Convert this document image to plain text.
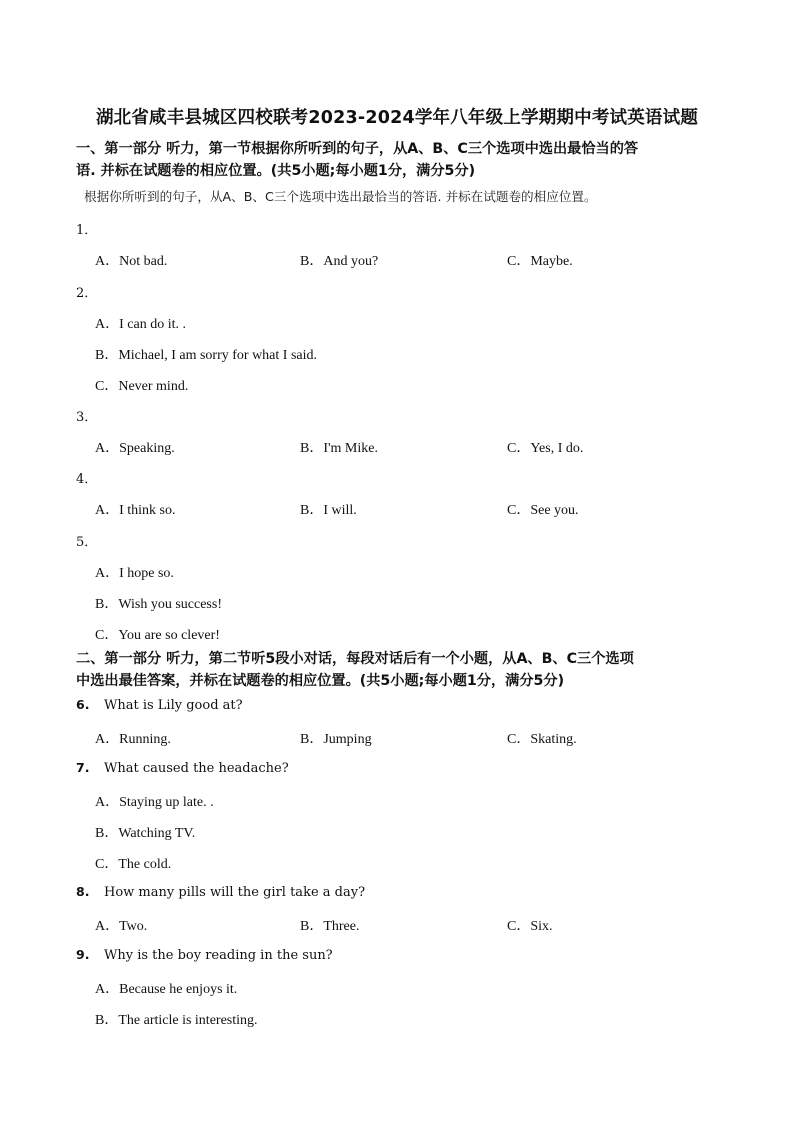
湖北省咸丰县城区四校联考2023-2024学年八年级上学期期中考试英语试题
一、第一部分 听力，第一节根据你所听到的句子，从A、B、C三个选项中选出最恰当的答
语. 并标在试题卷的相应位置。(共5小题;每小题1分，满分5分)
根据你所听到的句子，从A、B、C三个选项中选出最恰当的答语. 并标在试题卷的相应位置。
1．
A．Not bad.	B．And you?	C．Maybe.
2．
A．I can do it. .
B．Michael, I am sorry for what I said.
C．Never mind.
3．
A．Speaking.	B．I'm Mike.	C．Yes, I do.
4．
A．I think so.	B．I will.	C．See you.
5．
A．I hope so.
B．Wish you success!
C．You are so clever!
二、第一部分 听力，第二节听5段小对话，每段对话后有一个小题，从A、B、C三个选项
中选出最佳答案，并标在试题卷的相应位置。(共5小题;每小题1分，满分5分)
6. What is Lily good at?
A．Running.	B．Jumping	C．Skating.
7. What caused the headache?
A．Staying up late. .
B．Watching TV.
C．The cold.
8. How many pills will the girl take a day?
A．Two.	B．Three.	C．Six.
9. Why is the boy reading in the sun?
A．Because he enjoys it.
B．The article is interesting.
